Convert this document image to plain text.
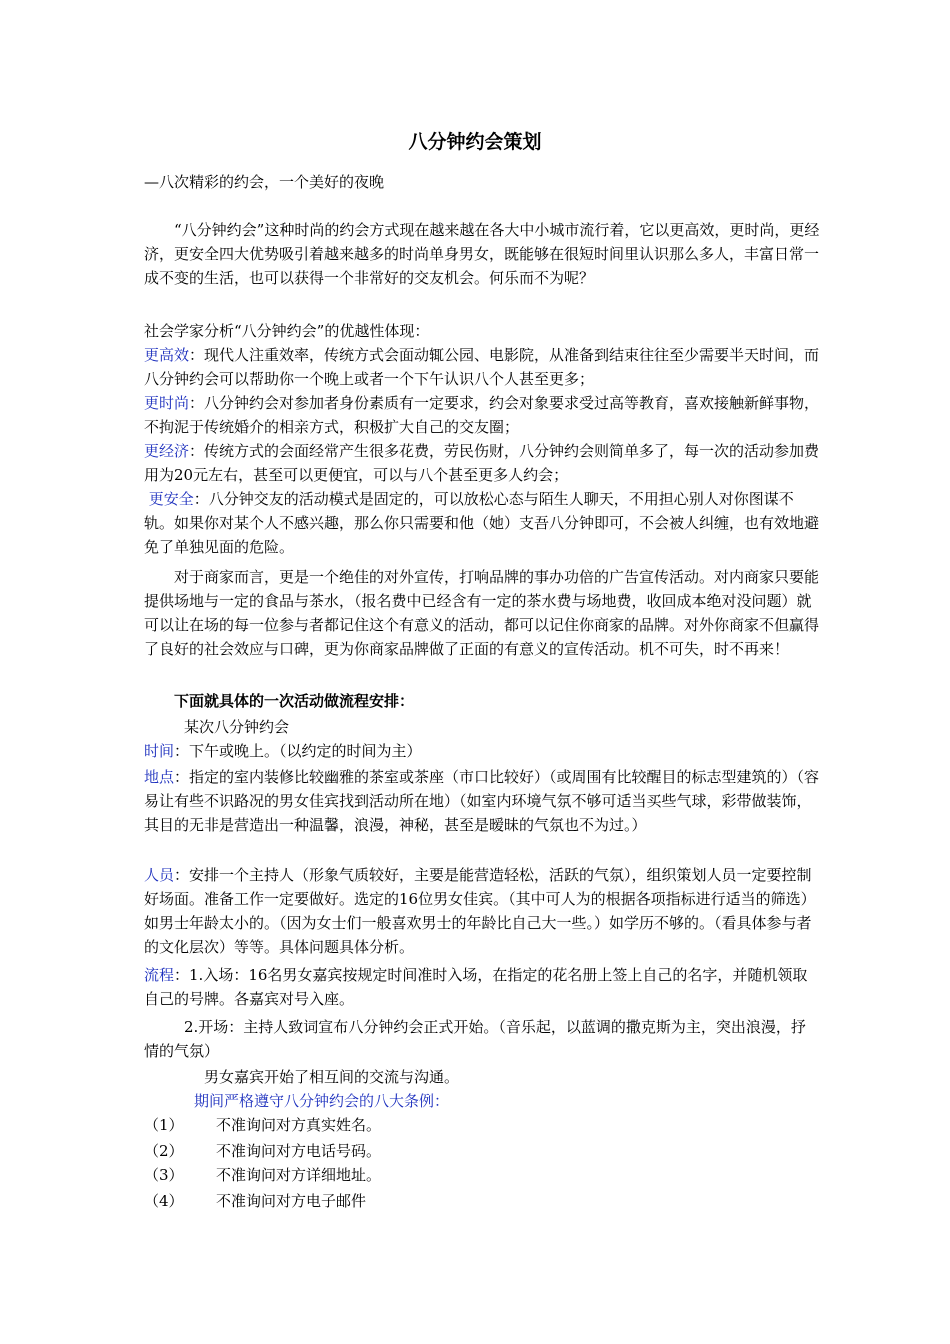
八分钟约会策划

—八次精彩的约会，一个美好的夜晚

“八分钟约会”这种时尚的约会方式现在越来越在各大中小城市流行着，它以更高效，更时尚，更经济，更安全四大优势吸引着越来越多的时尚单身男女，既能够在很短时间里认识那么多人，丰富日常一成不变的生活，也可以获得一个非常好的交友机会。何乐而不为呢？

社会学家分析“八分钟约会”的优越性体现：

更高效：现代人注重效率，传统方式会面动辄公园、电影院，从准备到结束往往至少需要半天时间，而八分钟约会可以帮助你一个晚上或者一个下午认识八个人甚至更多；

更时尚：八分钟约会对参加者身份素质有一定要求，约会对象要求受过高等教育，喜欢接触新鲜事物，不拘泥于传统婚介的相亲方式，积极扩大自己的交友圈；

更经济：传统方式的会面经常产生很多花费，劳民伤财，八分钟约会则简单多了，每一次的活动参加费用为20元左右，甚至可以更便宜，可以与八个甚至更多人约会；

更安全：八分钟交友的活动模式是固定的，可以放松心态与陌生人聊天，不用担心别人对你图谋不轨。如果你对某个人不感兴趣，那么你只需要和他（她）支吾八分钟即可，不会被人纠缠，也有效地避免了单独见面的危险。

对于商家而言，更是一个绝佳的对外宣传，打响品牌的事办功倍的广告宣传活动。对内商家只要能提供场地与一定的食品与茶水，（报名费中已经含有一定的茶水费与场地费，收回成本绝对没问题）就可以让在场的每一位参与者都记住这个有意义的活动，都可以记住你商家的品牌。对外你商家不但赢得了良好的社会效应与口碑，更为你商家品牌做了正面的有意义的宣传活动。机不可失，时不再来！

下面就具体的一次活动做流程安排：

某次八分钟约会

时间：下午或晚上。（以约定的时间为主）

地点：指定的室内装修比较幽雅的茶室或茶座（市口比较好）（或周围有比较醒目的标志型建筑的）（容易让有些不识路况的男女佳宾找到活动所在地）（如室内环境气氛不够可适当买些气球，彩带做装饰，其目的无非是营造出一种温馨，浪漫，神秘，甚至是暧昧的气氛也不为过。）

人员：安排一个主持人（形象气质较好，主要是能营造轻松，活跃的气氛），组织策划人员一定要控制好场面。准备工作一定要做好。选定的16位男女佳宾。（其中可人为的根据各项指标进行适当的筛选）如男士年龄太小的。（因为女士们一般喜欢男士的年龄比自己大一些。）如学历不够的。（看具体参与者的文化层次）等等。具体问题具体分析。

流程：1.入场：16名男女嘉宾按规定时间准时入场，在指定的花名册上签上自己的名字，并随机领取自己的号牌。各嘉宾对号入座。

2.开场：主持人致词宣布八分钟约会正式开始。（音乐起，以蓝调的撒克斯为主，突出浪漫，抒情的气氛）

男女嘉宾开始了相互间的交流与沟通。

期间严格遵守八分钟约会的八大条例：

（1） 不准询问对方真实姓名。

（2） 不准询问对方电话号码。

（3） 不准询问对方详细地址。

（4） 不准询问对方电子邮件
